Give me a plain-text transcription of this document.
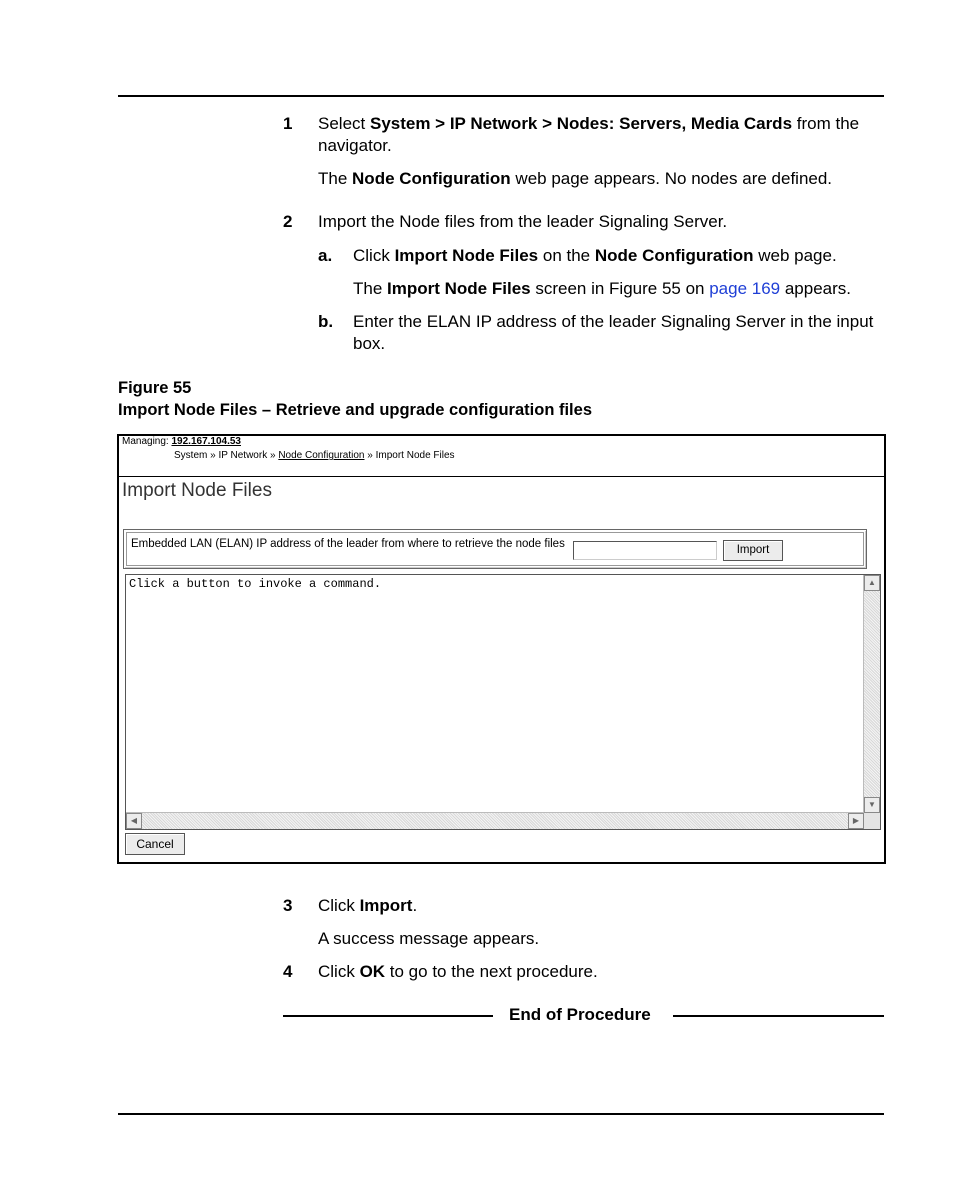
1 Select System > IP Network > Nodes: Servers, Media Cards from the
navigator.
The Node Configuration web page appears. No nodes are defined.
2 Import the Node files from the leader Signaling Server.
a. Click Import Node Files on the Node Configuration web page.
The Import Node Files screen in Figure 55 on page 169 appears.
b. Enter the ELAN IP address of the leader Signaling Server in the input
box.
Figure 55
Import Node Files – Retrieve and upgrade configuration files
Managing: 192.167.104.53
System » IP Network » Node Configuration » Import Node Files
Import Node Files
Embedded LAN (ELAN) IP address of the leader from where to retrieve the node files	Import
Click a button to invoke a command.	▲
▼
◀	▶
Cancel
3 Click Import.
A success message appears.
4 Click OK to go to the next procedure.
End of Procedure
